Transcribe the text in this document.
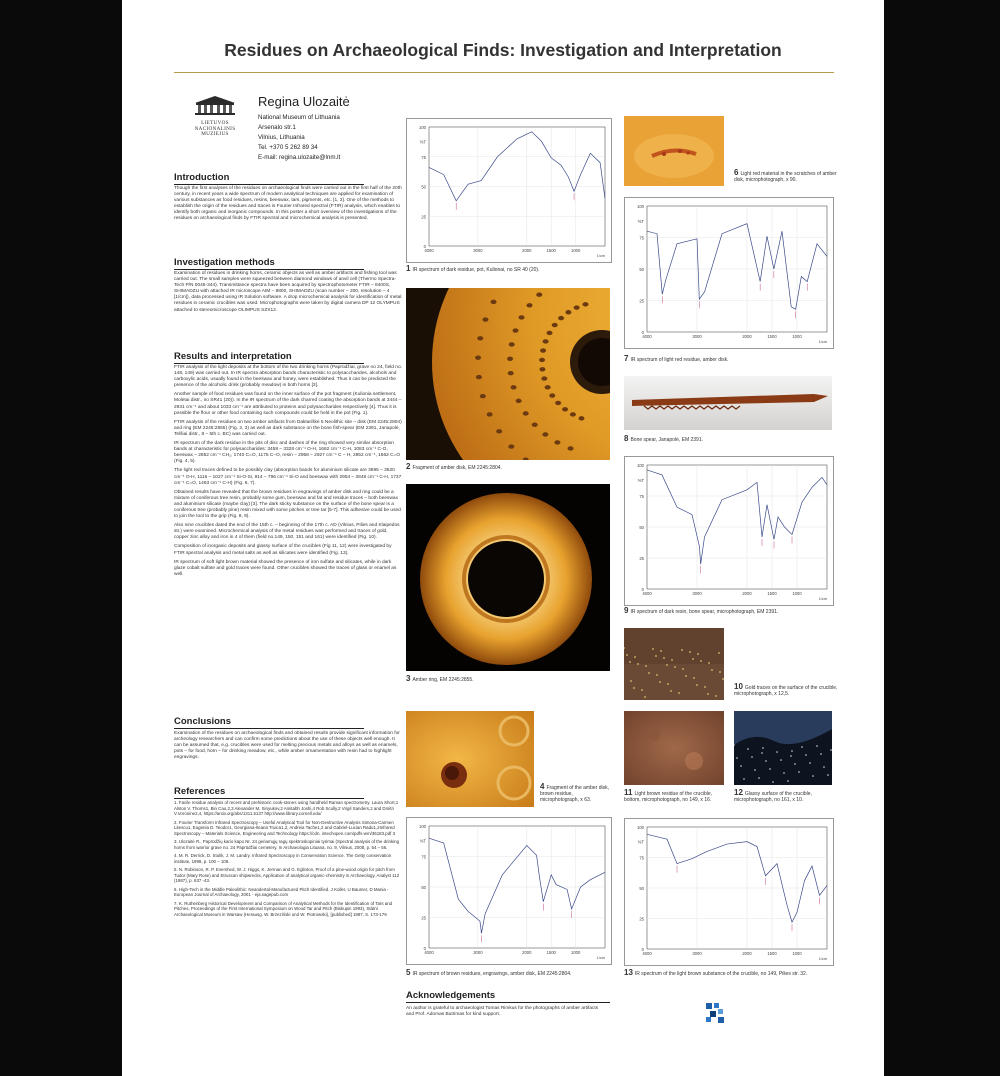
Residues on Archaeological Finds: Investigation and Interpretation
LIETUVOS
NACIONALINIS
MUZIEJUS
Regina Ulozaitė
National Museum of Lithuania
Arsenalo str.1
Vilnius, Lithuania
Tel. +370 5 262 89 34
E-mail: regina.ulozaite@lnm.lt
Introduction

Though the first analyses of the residues on archaeological finds were carried out in the first half of the 20th century, in recent years a wide spectrum of modern analytical techniques are applied for examination of various substances as food residues, resins, beeswax, tars, pigments, etc. [1, 2]. One of the methods to establish the origin of the residues and traces is Fourier Infrared spectral (FTIR) analysis, which enables to identify both organic and inorganic compounds. In this poster a short overview of the investigations of the residues on archaeological finds by FTIR spectral and microchemical analysis is presented.

Investigation methods

Examination of residues in drinking horns, ceramic objects as well as amber artifacts and fishing tool was carried out. The small samples were squeezed between diamond windows of anvil cell (Thermo Spectra-Tech P/N 0045-344). Transmittance spectra have been acquired by spectrophotometer FTIR – 8400S, SHIMADZU with attached IR microscope AIM – 8800, SHIMADZU (scan number – 200, resolution – 4 [1/cm]), data processed using IR Solution software. A drop microchemical analysis for identification of metal residues in ceramic crucibles was used. Microphotographs were taken by digital camera DP 12 OLYMPUS attached to stereomicroscope OLIMPUS SZX12.

Results and interpretation

FTIR analysis of the light deposits at the bottom of the two drinking horns (Paprūdžiai, grave no 24, field no. 148, 149) was carried out. In IR spectra absorption bands characteristic to polysaccharides, alcohols and carboxylic acids, usually found in the beeswax and honey, were established. Thus it can be predicted the presence of the alcoholic drink (probably meadow) in both horns [3].

Another sample of food residues was found on the inner surface of the pot fragment (Kulionia settlement, Molėtai distr., no SR41 (20)). In the IR spectrum of the dark charred coating the absorption bands at 3444 – 2931 cm⁻¹ and about 1033 cm⁻¹ are attributed to proteins and polysaccharides respectively [4]. Thus it is possible the flour or other food containing such compounds could be held in the pot (Fig. 1).

FTIR analysis of the residues on two amber artifacts from Daktariškė 5 Neolithic site – disk (EM 2245:2804) and ring (EM 2245:2855) (Fig. 2, 3) as well as dark substance on the bone fish-spear (EM 2391, Janapolė, Telšiai distr., 8 – 5th c. BC) was carried out.

IR spectrum of the dark residue in the pits of disc and dashes of the ring showed very similar absorption bands at characteristic for polysaccharides: 3458 – 3328 cm⁻¹ O-H, 1662 cm⁻¹ C-H, 1083 cm⁻¹ C-O, beeswax – 2852 cm⁻¹ CH₂, 1740 C=O, 1175 C–O, resin – 2958 – 2927 cm⁻¹ C – H, 2852 cm⁻¹, 1662 C=O (Fig. 4, 5).

The light red traces defined to be possibly clay (absorption bands for aluminium silicate are 3695 – 3620 cm⁻¹ O-H, 1116 – 1027 cm⁻¹ Si-O-Si, 914 – 796 cm⁻¹ Si-O and beeswax with 2954 – 2848 cm⁻¹ C-H, 1737 cm⁻¹ C=O, 1463 cm⁻¹ C-H) (Fig. 6, 7).

Obtained results have revealed that the brown residues in engravings of amber disk and ring could be a mixture of coniferous tree resin, probably some gum, beeswax and fat and residue traces – both beeswax and aluminium silicate (maybe clay) [3]. The dark sticky substance on the surface of the bone spear is a coniferous tree (probably pine) resin mixed with some pitches or tree tar [5-7]. This adhesive could be used to join the tool to the grip (Fig. 8, 9).

Also nine crucibles dated the end of the 15th c. – beginning of the 17th c. AD (Vilnius, Pilies and Klaipėdos str.) were examined. Microchemical analysis of the metal residues was performed and traces of gold, copper zinc alloy and iron in 4 of them (field no.149, 150, 151 and 161) were identified (Fig. 10).

Composition of inorganic deposits and glassy surface of the crucibles (Fig 11, 12) were investigated by FTIR spectral analysis and metal salts as well as silicates were identified (Fig. 13).

IR spectrum of soft light brown material showed the presence of iron sulfate and silicates, while in dark glaze cobalt sulfate and gold traces were found. Other crucibles showed the traces of glass or enamel as well.

Conclusions

Examination of the residues on archaeological finds and obtained results provide significant information for archeology researchers and can confirm some predictions about the use of these objects well enough. It can be assumed that, e.g. crucibles were used for melting precious metals and alloys as well as enamels, pots – for food, horn – for drinking meadow, etc., while amber ornamentation with resin had to highlight engravings.

References

1. Facile residue analysis of recent and prehistoric cook-stones using handheld Raman spectrometry. Laura Short,1 Alston V. Thoms1, Bin Cao,2,3 Alexander M. Sinyukov,2 Amitabh Joshi,4 Rob Scully,2 Virgil Sanders,2 and Dmitri V.Voronine2,4, https://arxiv.org/abs/1311.5137 http://www.library.cornell.edu/

2. Fourier Transform Infrared Spectroscopy – Useful Analytical Tool for Non-Destructive Analysis Simona-Carmen Litescu1, Eugenia D. Teodor1, Georgiana-Ileana Truica1,2, Andreia Tache1,2 and Gabriel-Lucian Radu1,2Infrared Spectroscopy – Materials Science, Engineering and Technology https://cdn. intechopen.com/pdfs-wm/36183.pdf 3

3. Ulozaitė R., Paprūdžių kario kapo Nr. 24 geriamųjų ragų spektroskopiniai tyrimai (Spectral analysis of the drinking horns from warrior grave no. 24 Paprūdžiai cemetery. In Archaeologia Lituana, no. 9, Vilnius, 2008, p. 54 – 56.

4. M. R. Derrick, D. Stulik, J. M. Landry. Infrared Spectroscopy in Conservation Science. The Getty conservation institute, 1999, p. 100 – 108.

5. N. Robinson, R. P. Evershed, W. J. Higgs, K. Jerman and G. Eglinton, Proof of a pine-wood origin for pitch from Tudor (Mary Rose) and Etruscan shipwrecks, Application of analytical organic-chemistry in Archaeology, Analyst 112 (1987), p. 637 -43.

6. High-Tech in the Middle Paleolithic: Neandertal-Manufactured Pitch Identified. J Koller, U Baumer, D Mania - European Journal of Archaeology, 2001 - ejа.sagepub.com

7. K. Ruthenberg Historical Development and Comparison of Analytical Methods for the Identification of Tars and Pitches, Proceedings of the First International Symposium on Wood Tar and Pitch (Biskupin 1993), Státní Archaeological Museum in Warsaw (Herausg. W. Brzeziński und W. Piotrowski), [published] 1997, S. 173-179

100
%T
75
50
25
0
4000	3000	2000	1500	1000
1/cm
1 IR spectrum of dark residue, pot, Kulionai, no SR 40 (20).
2 Fragment of amber disk, EM 2245:2804.
3 Amber ring, EM 2245:2855.
4 Fragment of the amber disk, brown residue, microphotograph, x 63.
100
%T
75
50
25
0
4000	3000	2000	1500	1000
1/cm
5 IR spectrum of brown residues, engravings, amber disk, EM 2245:2804.
Acknowledgements
An author is grateful to archaeologist Tomas Rimkus for the photographs of amber artifacts and Prof. Adomas Butrimas for kind support.
6 Light red material in the scratches of amber disk, microphotograph, x 90.
100
%T
75
50
25
0
4000	3000	2000	1500	1000
1/cm
7 IR spectrum of light red residue, amber disk.
8 Bone spear, Janapolė, EM 2391.
100
%T
75
50
25
0
4000	3000	2000	1500	1000
1/cm
9 IR spectrum of dark resin, bone spear, microphotograph, EM 2391.
10 Gold traces on the surface of the crucible, microphotograph, x 12,5.
11 Light brown residue of the crucible, bottom, microphotograph, no 149, x 16.
12 Glassy surface of the crucible, microphotograph, no 161, x 10.
100
%T
75
50
25
0
4000	3000	2000	1500	1000
1/cm
13 IR spectrum of the light brown substance of the crucible, no 149, Pilies str. 32.
